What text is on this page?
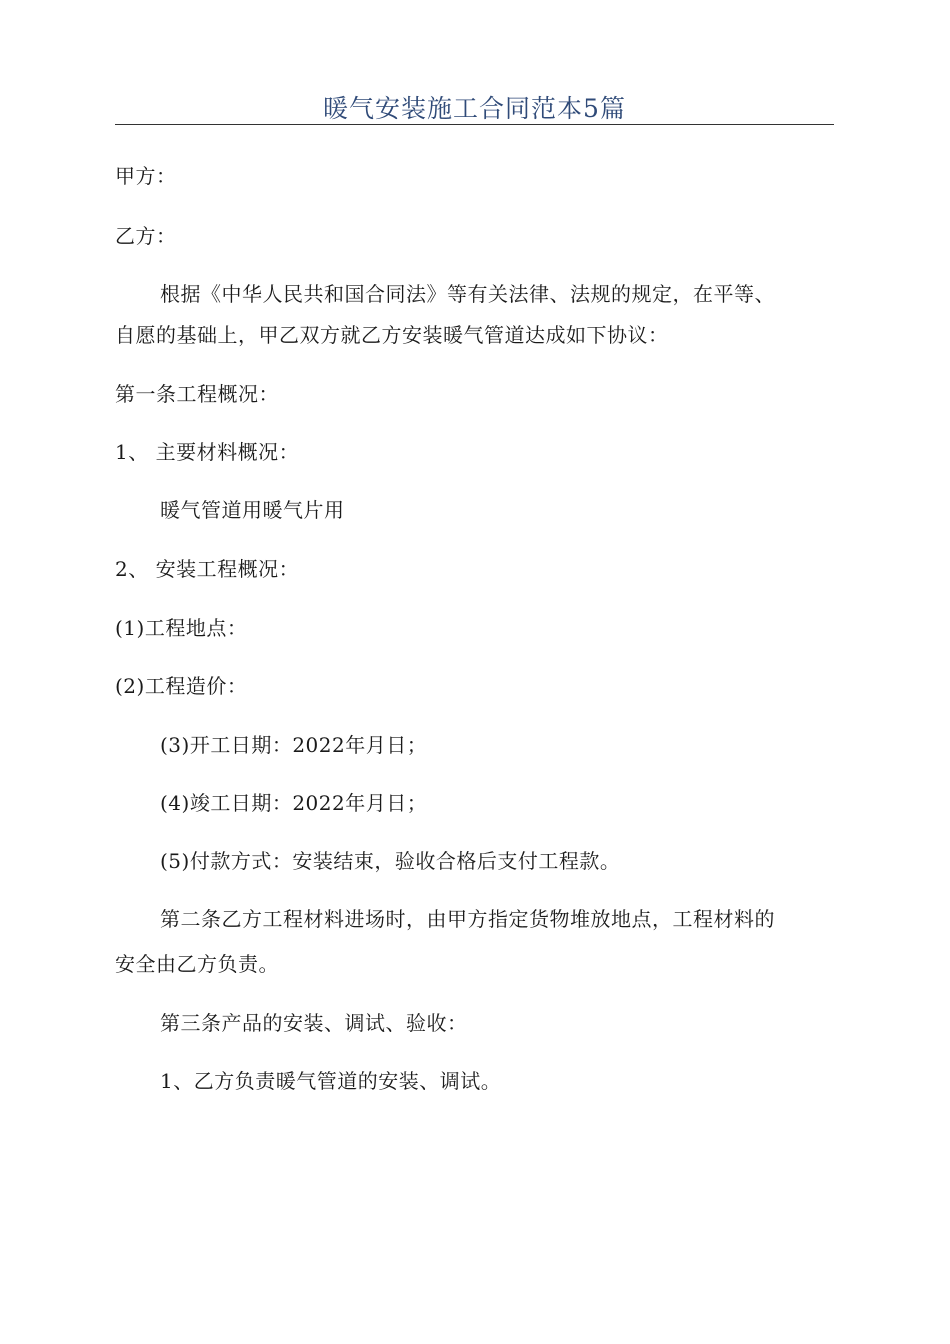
暖气安装施工合同范本5篇
甲方：
乙方：
根据《中华人民共和国合同法》等有关法律、法规的规定，在平等、
自愿的基础上，甲乙双方就乙方安装暖气管道达成如下协议：
第一条工程概况：
1、 主要材料概况：
暖气管道用暖气片用
2、 安装工程概况：
(1)工程地点：
(2)工程造价：
(3)开工日期：2022年月日；
(4)竣工日期：2022年月日；
(5)付款方式：安装结束，验收合格后支付工程款。
第二条乙方工程材料进场时，由甲方指定货物堆放地点，工程材料的
安全由乙方负责。
第三条产品的安装、调试、验收：
1、乙方负责暖气管道的安装、调试。
